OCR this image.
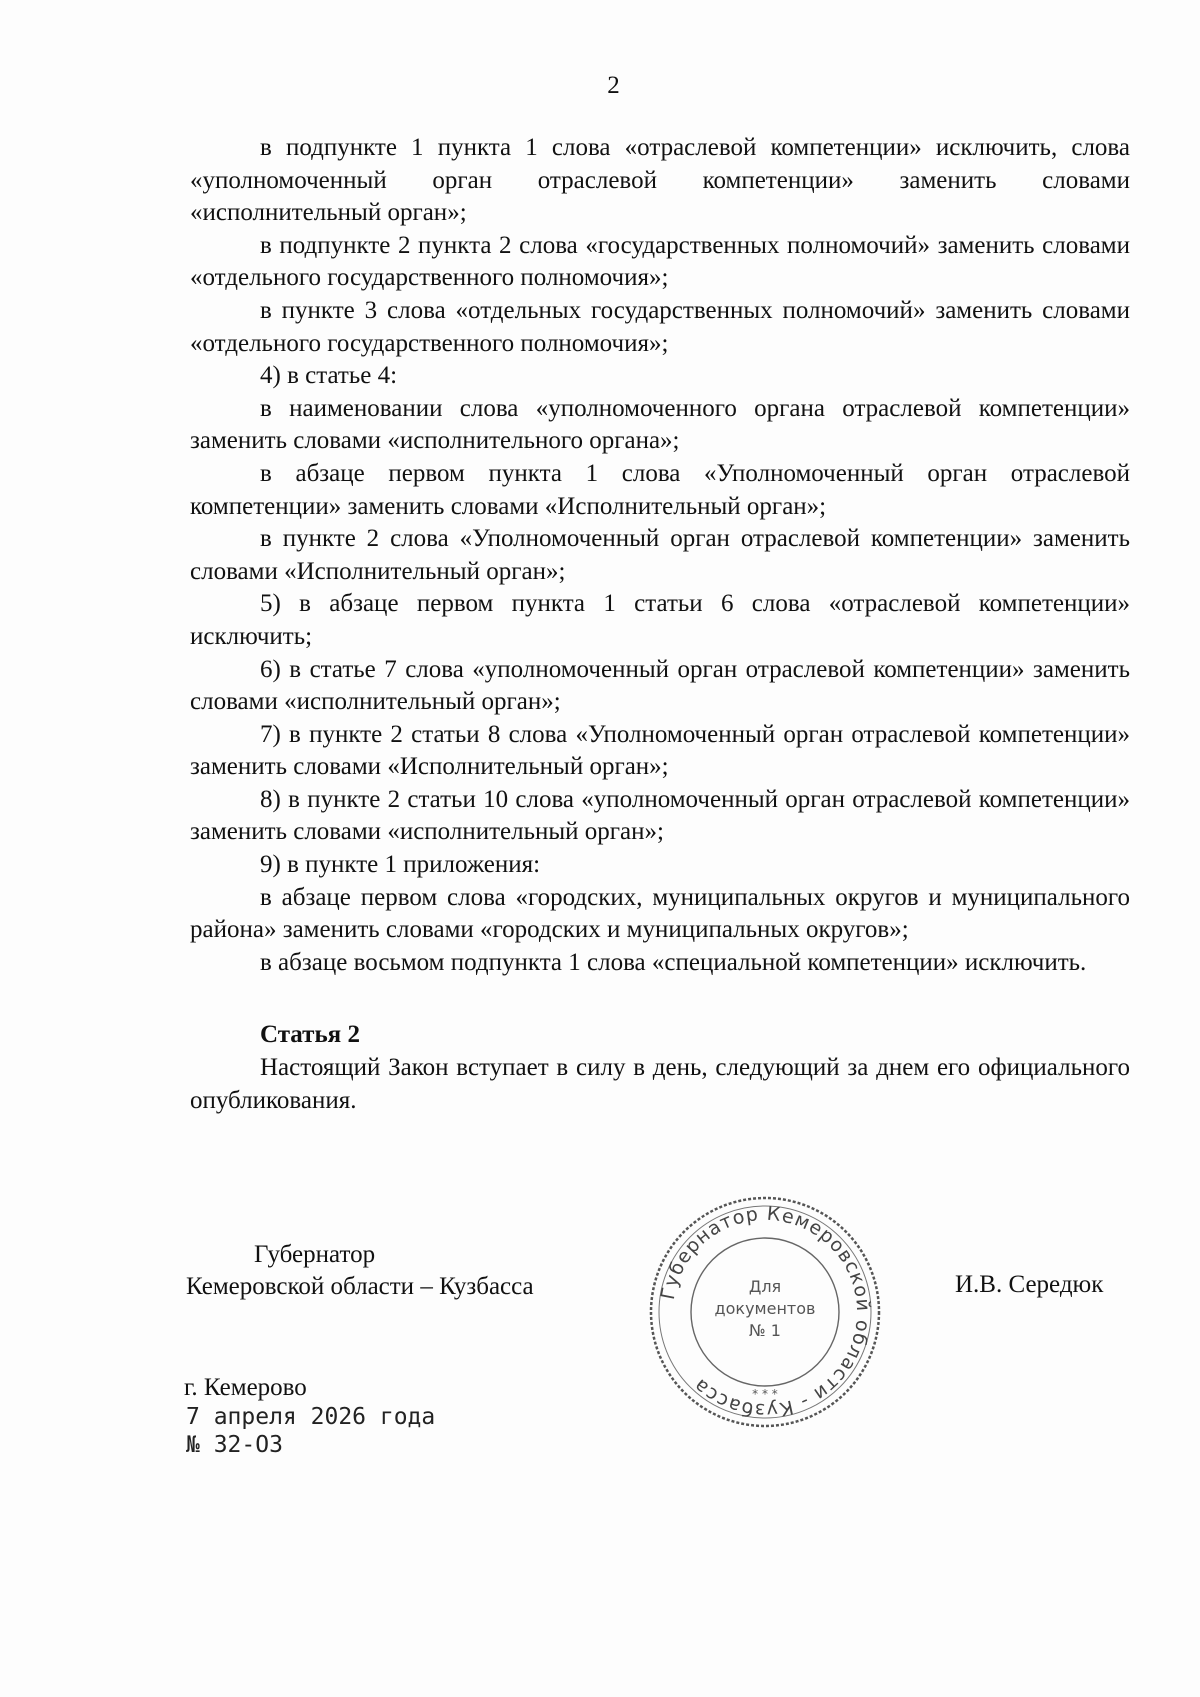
2

в подпункте 1 пункта 1 слова «отраслевой компетенции» исключить, слова «уполномоченный орган отраслевой компетенции» заменить словами «исполнительный орган»;

в подпункте 2 пункта 2 слова «государственных полномочий» заменить словами «отдельного государственного полномочия»;

в пункте 3 слова «отдельных государственных полномочий» заменить словами «отдельного государственного полномочия»;

4) в статье 4:

в наименовании слова «уполномоченного органа отраслевой компетенции» заменить словами «исполнительного органа»;

в абзаце первом пункта 1 слова «Уполномоченный орган отраслевой компетенции» заменить словами «Исполнительный орган»;

в пункте 2 слова «Уполномоченный орган отраслевой компетенции» заменить словами «Исполнительный орган»;

5) в абзаце первом пункта 1 статьи 6 слова «отраслевой компетенции» исключить;

6) в статье 7 слова «уполномоченный орган отраслевой компетенции» заменить словами «исполнительный орган»;

7) в пункте 2 статьи 8 слова «Уполномоченный орган отраслевой компетенции» заменить словами «Исполнительный орган»;

8) в пункте 2 статьи 10 слова «уполномоченный орган отраслевой компетенции» заменить словами «исполнительный орган»;

9) в пункте 1 приложения:

в абзаце первом слова «городских, муниципальных округов и муниципального района» заменить словами «городских и муниципальных округов»;

в абзаце восьмом подпункта 1 слова «специальной компетенции» исключить.

Статья 2

Настоящий Закон вступает в силу в день, следующий за днем его официального опубликования.

Губернатор
Кемеровской области – Кузбасса	И.В. Середюк
Губернатор Кемеровской области - Кузбасса
Для
документов
№ 1
* * *
г. Кемерово
7 апреля 2026 года
№ 32-ОЗ
